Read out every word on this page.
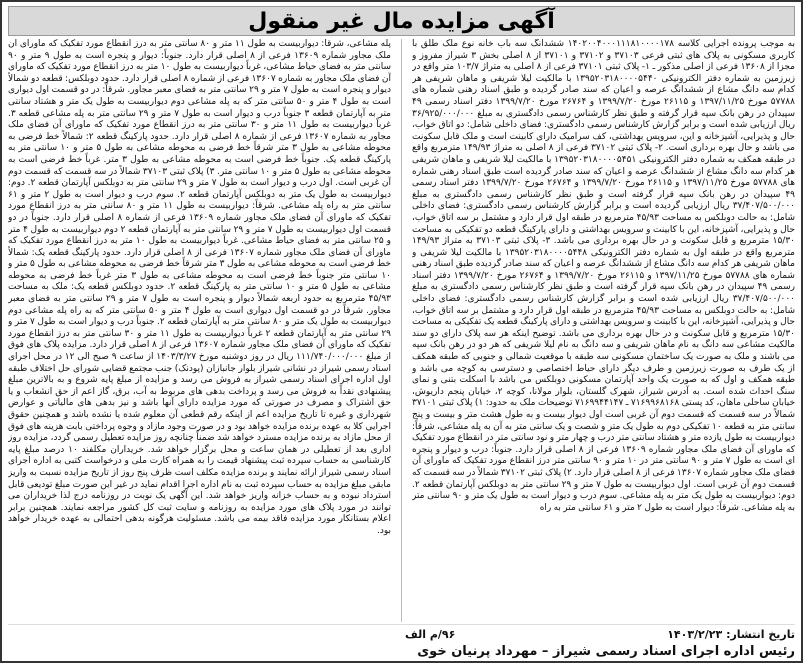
آگهی مزایده مال غیر منقول

به موجب پرونده اجرایی کلاسه ۱۴۰۲۰۰۴۰۰۰۱۱۱۸۱۰۰۰۰۱۷۸ ششدانگ سه باب خانه نوع ملک طلق با کاربری مسکونی به پلاک های ثبتی فرعی ۳۷۱۰۳ و ۳۷۱۰۲ و ۳۷۱۰۱ از ۸ اصلی بخش ۳ شیراز مفروز و مجزا از ۱۳۶۰۸ فرعی از اصلی مذکور ـ ۱- پلاک ثبتی ۳۷۱۰۱ فرعی از ۸ اصلی به متراژ ۱۰۳/۷ متر واقع در زیرزمین به شماره دفتر الکترونیکی ۱۳۹۵۲۰۳۱۸۰۰۰۰۵۴۴۰ با مالکیت لیلا شریفی و ماهان شریفی هر کدام سه دانگ مشاع از ششدانگ عرصه و اعیان که سند صادر گردیده و طبق اسناد رهنی شماره های ۵۷۷۸۸ مورخ ۱۳۹۷/۱۱/۲۵ و ۲۶۱۱۵ مورخ ۱۳۹۹/۷/۲۰ و ۲۶۷۶۴ مورخ ۱۳۹۹/۷/۲۰ دفتر اسناد رسمی ۴۹ سپیدان در رهن بانک سپه قرار گرفته و طبق نظر کارشناس رسمی دادگستری به مبلغ ۳۶/۹۲۵/۰۰۰/۰۰۰ ریال ارزیابی شده است و برابر گزارش کارشناس رسمی دادگستری: فضای داخلی شامل: دو اتاق خواب، حال و پذیرایی، آشپزخانه و این، سرویس بهداشتی، کف سرامیک دارای کابینت است و ملک قابل سکونت می باشد و حال بهره برداری است. ۲- پلاک ثبتی ۳۷۱۰۲ فرعی از ۸ اصلی به متراژ ۱۴۹/۹۳ مترمربع واقع در طبقه همکف به شماره دفتر الکترونیکی ۱۳۹۵۲۰۳۱۸۰۰۰۰۵۴۵۱ با مالکیت لیلا شریفی و ماهان شریفی هر کدام سه دانگ مشاع از ششدانگ عرصه و اعیان که سند صادر گردیده است طبق اسناد رهنی شماره های ۵۷۷۸۸ مورخ ۱۳۹۷/۱۱/۲۵ و ۲۶۱۱۵ مورخ ۱۳۹۹/۷/۲۰ و ۲۶۷۶۴ مورخ ۱۳۹۹/۷/۲۰ دفتر اسناد رسمی ۴۹ سپیدان در رهن بانک سپه قرار گرفته است و طبق نظر کارشناس رسمی دادگستری به مبلغ ۳۷/۴۰۷/۵۰۰/۰۰۰ ریال ارزیابی گردیده است و برابر گزارش کارشناس رسمی دادگستری: فضای داخلی شامل: به حالت دوبلکس به مساحت ۴۵/۹۳ مترمربع در طبقه اول قرار دارد و مشتمل بر سه اتاق خواب، حال و پذیرایی، آشپزخانه، این با کابینت و سرویس بهداشتی و دارای پارکینگ قطعه دو تفکیکی به مساحت ۱۵/۳۰ مترمربع و قابل سکونت و در حال بهره برداری می باشد. ۳- پلاک ثبتی ۳۷۱۰۳ به متراژ ۱۴۹/۹۳ مترمربع واقع در طبقه اول به شماره دفتر الکترونیکی ۱۳۹۵۲۰۳۱۸۰۰۰۰۵۴۴۸ با مالکیت لیلا شریفی و ماهان شریفی هر کدام سه دانگ مشاع از ششدانگ عرصه و اعیان که سند صادر گردیده طبق اسناد رهنی شماره های ۵۷۷۸۸ مورخ ۱۳۹۷/۱۱/۲۵ و ۲۶۱۱۵ مورخ ۱۳۹۹/۷/۲۰ و ۲۶۷۶۴ مورخ ۱۳۹۹/۷/۲۰ دفتر اسناد رسمی ۴۹ سپیدان در رهن بانک سپه قرار گرفته است و طبق نظر کارشناس رسمی دادگستری به مبلغ ۳۷/۴۰۷/۵۰۰/۰۰۰ ریال ارزیابی شده است و برابر گزارش کارشناس رسمی دادگستری: فضای داخلی شامل: به حالت دوبلکس به مساحت ۴۵/۹۳ مترمربع در طبقه اول قرار دارد و مشتمل بر سه اتاق خواب، حال و پذیرایی، آشپزخانه، این با کابینت و سرویس بهداشتی و دارای پارکینگ قطعه یک تفکیکی به مساحت ۱۵/۳۰ مترمربع و قابل سکونت و در حال بهره برداری می باشد. توضیح اینکه هر سه پلاک دارای دو سند مالکیت مشاعی سه دانگ به نام ماهان شریفی و سه دانگ به نام لیلا شریفی که هر دو در رهن بانک سپه می باشند و ملک به صورت یک ساختمان مسکونی سه طبقه با موقعیت شمالی و جنوبی که طبقه همکف از یک طرف به صورت زیرزمین و طرف دیگر دارای حیاط اختصاصی و دسترسی به کوچه می باشد و طبقه همکف و اول که به صورت یک واحد آپارتمان مسکونی دوبلکس می باشد با اسکلت بتنی و نمای سنگ احداث شده است. به آدرس شیراز، شهرک گلستان، بلوار مولانا، کوچه ۲، خیابان پنجم داریوش، خیابان ساحلی ماهان، کد پستی ۷۱۶۹۹۶۸۱۶۸ ـ ۷۱۶۹۹۴۴۱۴۷ توضیحات ملک به حدود: ۱) پلاک ثبتی ۳۷۱۰۱ شمالاً در سه قسمت که قسمت دوم آن غربی است اول دیوار بیست و به طول هشت متر و بیست و پنج سانتی متر به قطعه ۱۰ تفکیکی دوم به طول یک متر و شصت و یک سانتی متر به آن به پله مشاعی، شرقاً: دیواربیست به طول یازده متر و هشتاد سانتی متر درب و چهار متر و نود سانتی متر در انقطاع مورد تفکیک که ماورای آن فضای ملک مجاور شماره ۱۳۶۰۹ فرعی از ۸ اصلی قرار دارد. جنوباً: درب و دیوار و پنجره ای است به طول ۷ متر و ۹۰ سانتی متر در ۱۰ متر و ۹۰ سانتی متر درز انقطاع مورد تفکیک که ماورای آن فضای ملک مجاور شماره ۱۳۶۰۷ فرعی از ۸ اصلی قرار دارد. ۲) پلاک ثبتی ۳۷۱۰۲ شمالاً در سه قسمت که قسمت دوم آن غربی است. اول دیواربیست به طول ۷ متر و ۲۹ سانتی متر به دوبلکس آپارتمان قطعه ۲. دوم: دیواربیست به طول یک متر به پله مشاعی. سوم درب و دیوار است به طول یک متر و ۹۰ سانتی متر به پله مشاعی. شرقاً: دیوار است به طول ۲ متر و ۶۱ سانتی متر به راه

پله مشاعی، شرقاً: دیواربیست به طول ۱۱ متر و ۸۰ سانتی متر به درز انقطاع مورد تفکیک که ماورای آن ملک مجاور شماره ۱۳۶۰۹ فرعی از ۸ اصلی قرار دارد. جنوباً: دیوار و پنجره است به طول ۹ متر و ۹۰ سانتی متر به فضای حیاط مشاعی، غرباً دیواربیست به طول ۱۰ متر به درز انقطاع مورد تفکیک که ماورای آن فضای ملک مجاور به شماره ۱۳۶۰۷ فرعی از شماره ۸ اصلی قرار دارد. حدود دوبلکس: قطعه دو شمالاً دیوار و پنجره است به طول ۷ متر و ۲۹ سانتی متر به فضای معبر مجاور. شرقاً: در دو قسمت اول دیواری است به طول ۴ متر و ۵۰ سانتی متر که به پله مشاعی دوم دیواربیست به طول یک متر و هشتاد سانتی متر به آپارتمان قطعه ۳ جنوباً درب و دیوار است به طول ۷ متر و ۲۹ سانتی متر به پله مشاعی قطعه ۳. غرباً دیواربیست به طول ۱۱ متر و ۳۰ سانتی متر به درز انقطاع مورد تفکیک که ماورای آن فضای ملک مجاور به شماره ۱۳۶۰۷ فرعی از شماره ۸ اصلی قرار دارد. حدود پارکینگ قطعه ۲: شمالاً خط فرضی به محوطه مشاعی به طول ۳ متر شرقاً خط فرضی به محوطه مشاعی به طول ۵ متر و ۱۰ سانتی متر به پارکینگ قطعه یک. جنوباً خط فرضی است به محوطه مشاعی به طول ۳ متر. غرباً خط فرضی است به محوطه مشاعی به طول ۵ متر و ۱۰ سانتی متر. ۳) پلاک ثبتی ۳۷۱۰۳ شمالاً در سه قسمت که قسمت دوم آن غربی است. اول درب و دیوار است به طول ۷ متر و ۲۹ سانتی متر به دوبلکس آپارتمان قطعه ۲. دوم: دیواربیست به طول یک متر به دوبلکس آپارتمان قطعه ۲. سوم درب و دیوار است به طول ۲ متر و ۶۱ سانتی متر به راه پله مشاعی. شرقاً: دیواربیست به طول ۱۱ متر و ۸۰ سانتی متر به درز انقطاع مورد تفکیک که ماورای آن فضای ملک مجاور شماره ۱۳۶۰۹ فرعی از شماره ۸ اصلی قرار دارد. جنوباً در دو قسمت اول دیواربیست به طول ۷ متر و ۲۹ سانتی متر به آپارتمان قطعه ۲ دوم دیواربیست به طول ۴ متر و ۲۵ سانتی متر به فضای حیاط مشاعی. غرباً دیواربیست به طول ۱۰ متر به درز انقطاع مورد تفکیک که ماورای آن فضای ملک مجاور شماره ۱۳۶۰۷ فرعی از ۸ اصلی قرار دارد. حدود پارکینگ قطعه یک: شمالاً خط فرضی است به محوطه مشاعی به طول ۳ متر شرقاً خط فرضی به محوطه مشاعی به طول ۵ متر و ۱۰ سانتی متر جنوباً خط فرضی است به محوطه مشاعی به طول ۳ متر غرباً خط فرضی به محوطه مشاعی به طول ۵ متر و ۱۰ سانتی متر به پارکینگ قطعه ۲. حدود دوبلکس قطعه یک: ملک به مساحت ۴۵/۹۳ مترمربع به حدود اربعه شمالاً دیوار و پنجره است به طول ۷ متر و ۲۹ سانتی متر به فضای معبر مجاور. شرقاً در دو قسمت اول دیواری است به طول ۴ متر و ۵۰ سانتی متر که به راه پله مشاعی دوم دیواربیست به طول یک متر و ۸۰ سانتی متر به آپارتمان قطعه ۲. جنوباً درب و دیوار است به طول ۷ متر و ۲۹ سانتی متر به آپارتمان قطعه ۲ غرباً دیواربیست به طول ۱۱ متر و ۳۰ سانتی متر به درز انقطاع مورد تفکیک که ماورای آن فضای ملک مجاور شماره ۱۳۶۰۷ فرعی از ۸ اصلی قرار دارد. مزایده پلاک های فوق از مبلغ ۱۱۱/۷۴۰/۰۰۰/۰۰۰ ریال در روز دوشنبه مورخ ۱۴۰۳/۳/۲۷ از ساعت ۹ صبح الی ۱۲ در محل اجرای اسناد رسمی شیراز در نشانی شیراز بلوار جانبازان (پودنک) جنب مجتمع قضایی شورای حل اختلاف طبقه اول اداره اجرای اسناد رسمی شیراز به فروش می رسد و مزایده از مبلغ پایه شروع و به بالاترین مبلغ پیشنهادی نقداً به فروش می رسد و پرداخت بدهی های مربوط به آب، برق، گاز اعم از حق انشعاب و یا حق اشتراک و مصرف در صورتی که مورد مزایده دارای آنها باشد و نیز بدهی های مالیاتی و عوارض شهرداری و غیره تا تاریخ مزایده اعم از اینکه رقم قطعی آن معلوم شده یا نشده باشد و همچنین حقوق اجرایی کلا به عهده برنده مزایده خواهد بود و در صورت وجود مازاد و وجوه پرداختی بابت هزینه های فوق از محل مازاد به برنده مزایده مسترد خواهد شد ضمناً چنانچه روز مزایده تعطیل رسمی گردد، مزایده روز اداری بعد از تعطیلی در همان ساعت و محل برگزار خواهد شد. خریداران مکلفند ۱۰ درصد مبلغ پایه کارشناسی به حساب سپرده ثبت پیشنهاد قیمت را به همراه کارت ملی و درخواست کتبی به اداره اجرای اسناد رسمی شیراز ارائه نمایند و برنده مزایده مکلف است ظرف پنج روز از تاریخ مزایده نسبت به واریز مابقی مبلغ مزایده به حساب سپرده ثبت به نام اداره اجرا اقدام نماید در غیر این صورت مبلغ تودیعی قابل استرداد نبوده و به حساب خزانه واریز خواهد شد. این آگهی یک نوبت در روزنامه درج لذا خریداران می توانند در مورد پلاک های مورد مزایده به روزنامه و سایت ثبت کل کشور مراجعه نمایند. همچنین برابر اعلام بستانکار مورد مزایده فاقد بیمه می باشد. مسئولیت هرگونه بدهی احتمالی به عهده خریدار خواهد بود.

تاریخ انتشار: ۱۴۰۳/۲/۲۳
۹۶/م الف
رئیس اداره اجرای اسناد رسمی شیراز – مهرداد پرنیان خوی
